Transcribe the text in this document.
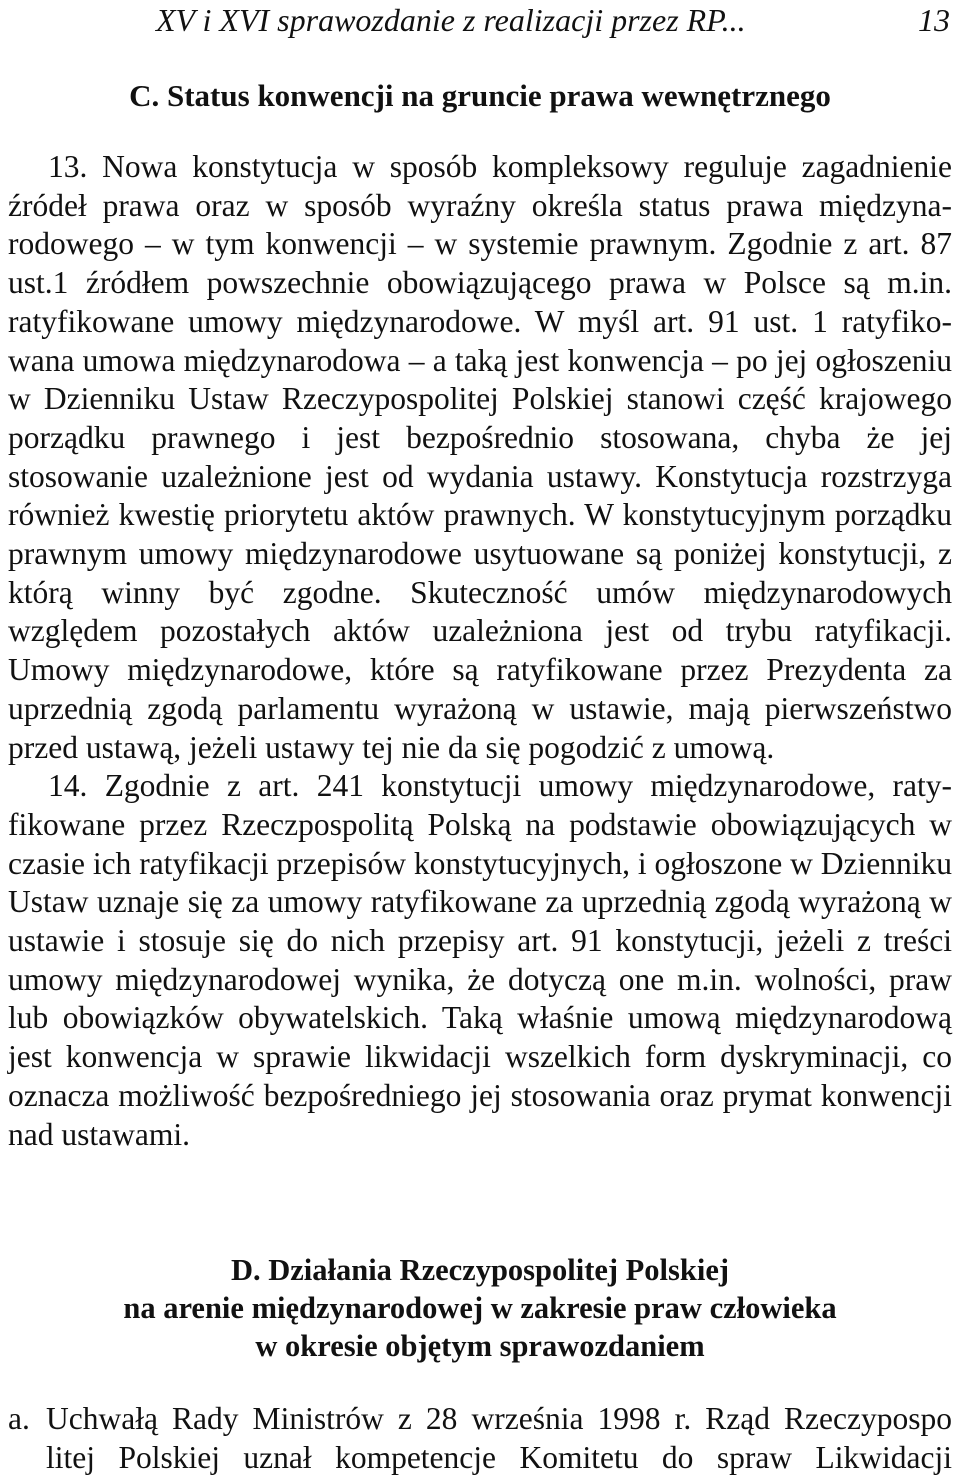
XV i XVI sprawozdanie z realizacji przez RP...	13
C. Status konwencji na gruncie prawa wewnętrznego

13. Nowa konstytucja w sposób kompleksowy reguluje zagadnienie źródeł prawa oraz w sposób wyraźny określa status prawa międzynarodowego – w tym konwencji – w systemie prawnym. Zgodnie z art. 87 ust.1 źródłem powszechnie obowiązującego prawa w Polsce są m.in. ratyfikowane umowy międzynarodowe. W myśl art. 91 ust. 1 ratyfikowana umowa międzynarodowa – a taką jest konwencja – po jej ogłoszeniu w Dzienniku Ustaw Rzeczypospolitej Polskiej stanowi część krajowego porządku prawnego i jest bezpośrednio stosowana, chyba że jej stosowanie uzależnione jest od wydania ustawy. Konstytucja rozstrzyga również kwestię priorytetu aktów prawnych. W konstytucyjnym porządku prawnym umowy międzynarodowe usytuowane są poniżej konstytucji, z którą winny być zgodne. Skuteczność umów międzynarodowych względem pozostałych aktów uzależniona jest od trybu ratyfikacji. Umowy międzynarodowe, które są ratyfikowane przez Prezydenta za uprzednią zgodą parlamentu wyrażoną w ustawie, mają pierwszeństwo przed ustawą, jeżeli ustawy tej nie da się pogodzić z umową.

14. Zgodnie z art. 241 konstytucji umowy międzynarodowe, ratyfikowane przez Rzeczpospolitą Polską na podstawie obowiązujących w czasie ich ratyfikacji przepisów konstytucyjnych, i ogłoszone w Dzienniku Ustaw uznaje się za umowy ratyfikowane za uprzednią zgodą wyrażoną w ustawie i stosuje się do nich przepisy art. 91 konstytucji, jeżeli z treści umowy międzynarodowej wynika, że dotyczą one m.in. wolności, praw lub obowiązków obywatelskich. Taką właśnie umową międzynarodową jest konwencja w sprawie likwidacji wszelkich form dyskryminacji, co oznacza możliwość bezpośredniego jej stosowania oraz prymat konwencji nad ustawami.

D. Działania Rzeczypospolitej Polskiej
na arenie międzynarodowej w zakresie praw człowieka
w okresie objętym sprawozdaniem
a. Uchwałą Rady Ministrów z 28 września 1998 r. Rząd Rzeczypospo
litej Polskiej uznał kompetencje Komitetu do spraw Likwidacji
